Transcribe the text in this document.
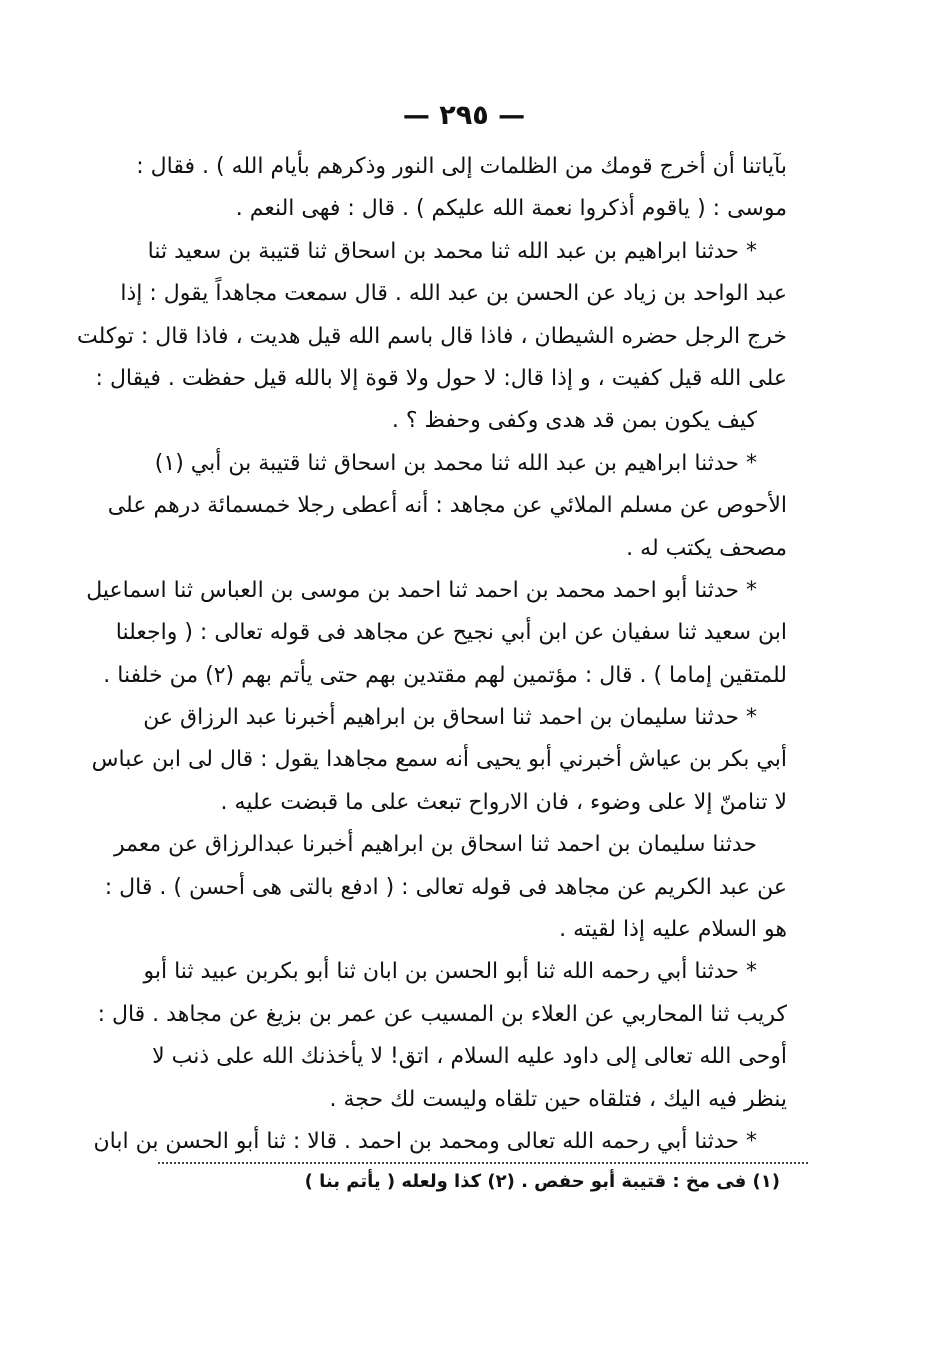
— ٢٩٥ —
بآياتنا أن أخرج قومك من الظلمات إلى النور وذكرهم بأيام الله ) . فقال :
موسى : ( ياقوم أذكروا نعمة الله عليكم ) . قال : فهى النعم .
* حدثنا ابراهيم بن عبد الله ثنا محمد بن اسحاق ثنا قتيبة بن سعيد ثنا
عبد الواحد بن زياد عن الحسن بن عبد الله . قال سمعت مجاهداً يقول : إذا
خرج الرجل حضره الشيطان ، فاذا قال باسم الله قيل هديت ، فاذا قال : توكلت
على الله قيل كفيت ، و إذا قال: لا حول ولا قوة إلا بالله قيل حفظت . فيقال :
كيف يكون بمن قد هدى وكفى وحفظ ؟ .
* حدثنا ابراهيم بن عبد الله ثنا محمد بن اسحاق ثنا قتيبة بن أبي (١)
الأحوص عن مسلم الملائي عن مجاهد : أنه أعطى رجلا خمسمائة درهم على
مصحف يكتب له .
* حدثنا أبو احمد محمد بن احمد ثنا احمد بن موسى بن العباس ثنا اسماعيل
ابن سعيد ثنا سفيان عن ابن أبي نجيح عن مجاهد فى قوله تعالى : ( واجعلنا
للمتقين إماما ) . قال : مؤتمين لهم مقتدين بهم حتى يأتم بهم (٢) من خلفنا .
* حدثنا سليمان بن احمد ثنا اسحاق بن ابراهيم أخبرنا عبد الرزاق عن
أبي بكر بن عياش أخبرني أبو يحيى أنه سمع مجاهدا يقول : قال لى ابن عباس
لا تنامنّ إلا على وضوء ، فان الارواح تبعث على ما قبضت عليه .
حدثنا سليمان بن احمد ثنا اسحاق بن ابراهيم أخبرنا عبدالرزاق عن معمر
عن عبد الكريم عن مجاهد فى قوله تعالى : ( ادفع بالتى هى أحسن ) . قال :
هو السلام عليه إذا لقيته .
* حدثنا أبي رحمه الله ثنا أبو الحسن بن ابان ثنا أبو بكربن عبيد ثنا أبو
كريب ثنا المحاربي عن العلاء بن المسيب عن عمر بن بزيغ عن مجاهد . قال :
أوحى الله تعالى إلى داود عليه السلام ، اتق! لا يأخذنك الله على ذنب لا
ينظر فيه اليك ، فتلقاه حين تلقاه وليست لك حجة .
* حدثنا أبي رحمه الله تعالى ومحمد بن احمد . قالا : ثنا أبو الحسن بن ابان
(١) فى مخ : قتيبة أبو حفص . (٢) كذا ولعله ( يأتم بنا )
